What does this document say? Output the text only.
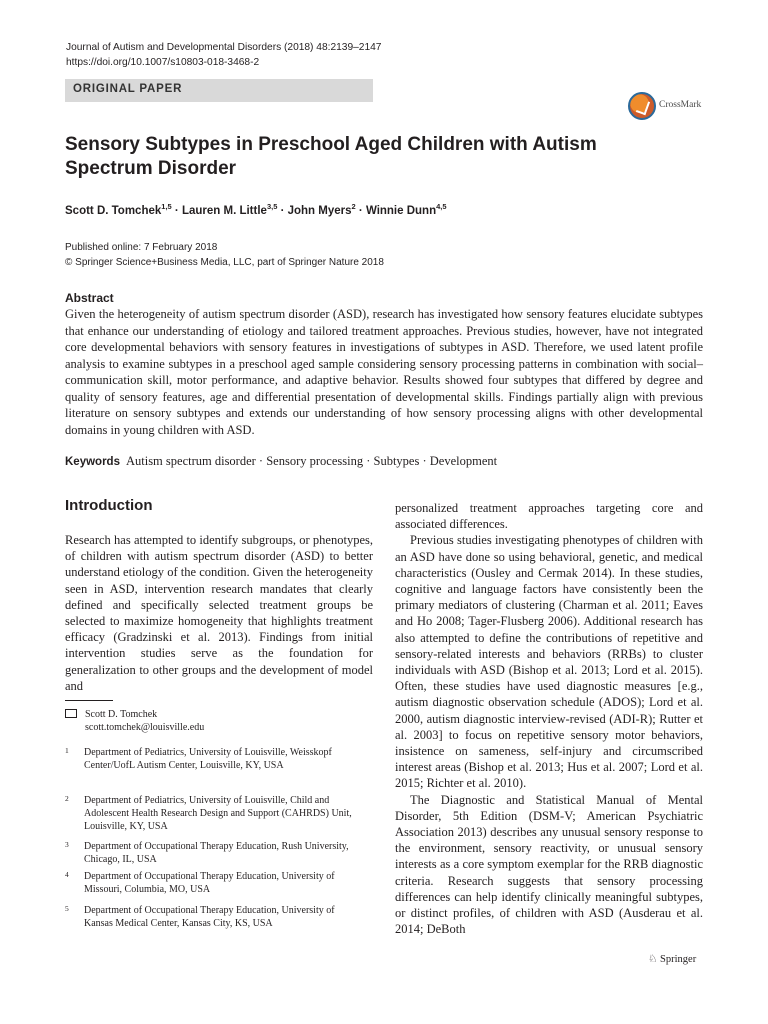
Journal of Autism and Developmental Disorders (2018) 48:2139–2147
https://doi.org/10.1007/s10803-018-3468-2
ORIGINAL PAPER
CrossMark
Sensory Subtypes in Preschool Aged Children with Autism Spectrum Disorder
Scott D. Tomchek$^{1,5}$ · Lauren M. Little$^{3,5}$ · John Myers$^2$ · Winnie Dunn$^{4,5}$
Published online: 7 February 2018
© Springer Science+Business Media, LLC, part of Springer Nature 2018
Abstract
Given the heterogeneity of autism spectrum disorder (ASD), research has investigated how sensory features elucidate subtypes that enhance our understanding of etiology and tailored treatment approaches. Previous studies, however, have not integrated core developmental behaviors with sensory features in investigations of subtypes in ASD. Therefore, we used latent profile analysis to examine subtypes in a preschool aged sample considering sensory processing patterns in combination with social–communication skill, motor performance, and adaptive behavior. Results showed four subtypes that differed by degree and quality of sensory features, age and differential presentation of developmental skills. Findings partially align with previous literature on sensory subtypes and extends our understanding of how sensory processing aligns with other developmental domains in young children with ASD.
Keywords Autism spectrum disorder · Sensory processing · Subtypes · Development
Introduction

Research has attempted to identify subgroups, or phenotypes, of children with autism spectrum disorder (ASD) to better understand etiology of the condition. Given the heterogeneity seen in ASD, intervention research mandates that clearly defined and specifically selected treatment groups be selected to maximize homogeneity that highlights treatment efficacy (Gradzinski et al. 2013). Findings from initial intervention studies serve as the foundation for generalization to other groups and the development of model and

personalized treatment approaches targeting core and associated differences.

Previous studies investigating phenotypes of children with an ASD have done so using behavioral, genetic, and medical characteristics (Ousley and Cermak 2014). In these studies, cognitive and language factors have consistently been the primary mediators of clustering (Charman et al. 2011; Eaves and Ho 2008; Tager-Flusberg 2006). Additional research has also attempted to define the contributions of repetitive and sensory-related interests and behaviors (RRBs) to cluster individuals with ASD (Bishop et al. 2013; Lord et al. 2015). Often, these studies have used diagnostic measures [e.g., autism diagnostic observation schedule (ADOS); Lord et al. 2000, autism diagnostic interview-revised (ADI-R); Rutter et al. 2003] to focus on repetitive sensory motor behaviors, insistence on sameness, self-injury and circumscribed interest areas (Bishop et al. 2013; Hus et al. 2007; Lord et al. 2015; Richter et al. 2010).

The Diagnostic and Statistical Manual of Mental Disorder, 5th Edition (DSM-V; American Psychiatric Association 2013) describes any unusual sensory response to the environment, sensory reactivity, or unusual sensory interests as a core symptom exemplar for the RRB diagnostic criteria. Research suggests that sensory processing differences can help identify clinically meaningful subtypes, or distinct profiles, of children with ASD (Ausderau et al. 2014; DeBoth

Scott D. Tomchek
scott.tomchek@louisville.edu
1 Department of Pediatrics, University of Louisville, Weisskopf Center/UofL Autism Center, Louisville, KY, USA
2 Department of Pediatrics, University of Louisville, Child and Adolescent Health Research Design and Support (CAHRDS) Unit, Louisville, KY, USA
3 Department of Occupational Therapy Education, Rush University, Chicago, IL, USA
4 Department of Occupational Therapy Education, University of Missouri, Columbia, MO, USA
5 Department of Occupational Therapy Education, University of Kansas Medical Center, Kansas City, KS, USA
♘ Springer
